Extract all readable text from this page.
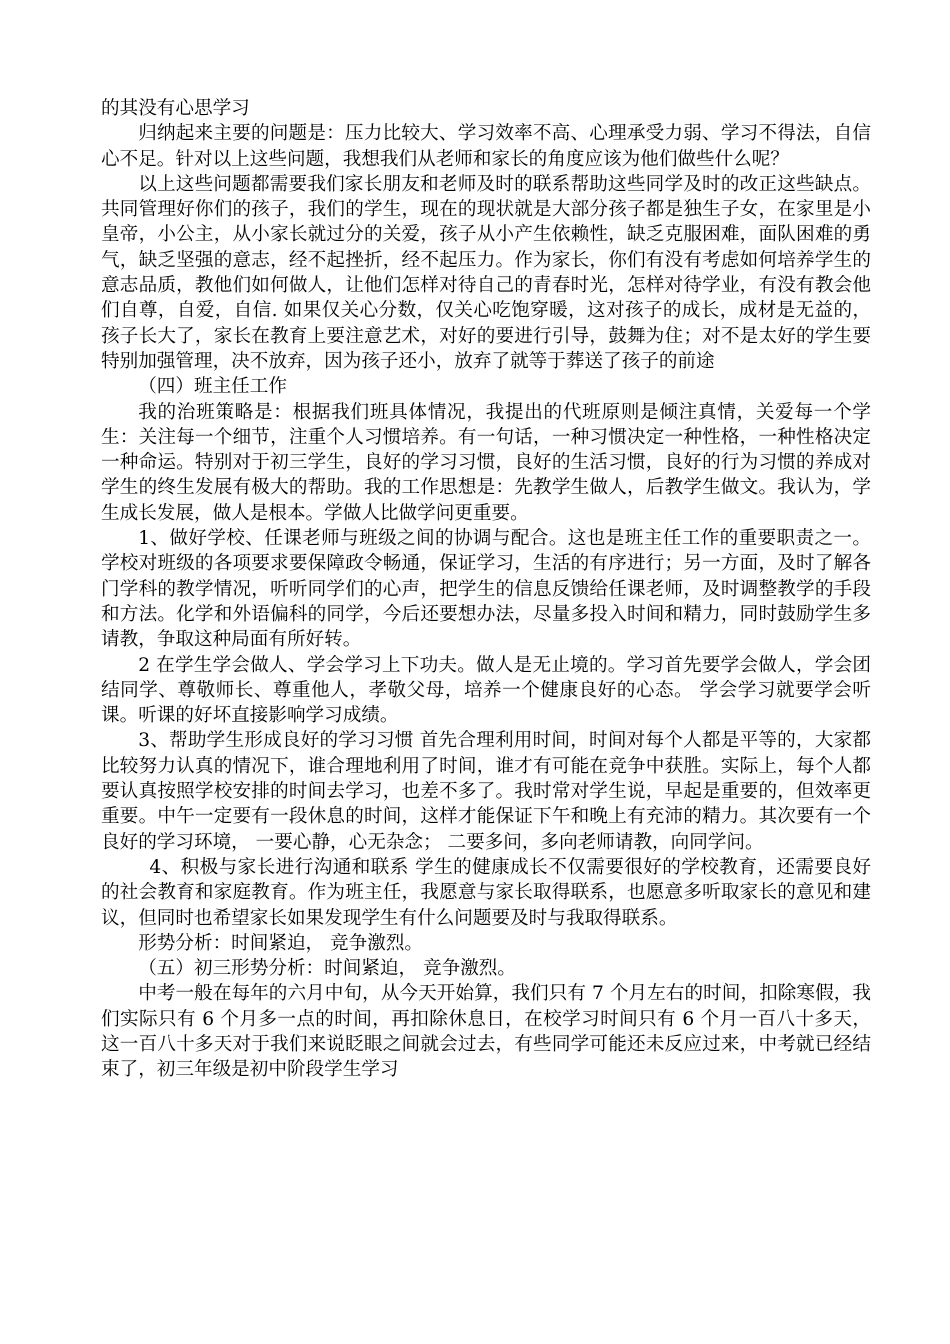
的其没有心思学习

归纳起来主要的问题是：压力比较大、学习效率不高、心理承受力弱、学习不得法，自信心不足。针对以上这些问题，我想我们从老师和家长的角度应该为他们做些什么呢？

以上这些问题都需要我们家长朋友和老师及时的联系帮助这些同学及时的改正这些缺点。共同管理好你们的孩子，我们的学生，现在的现状就是大部分孩子都是独生子女，在家里是小皇帝，小公主，从小家长就过分的关爱，孩子从小产生依赖性，缺乏克服困难，面队困难的勇气，缺乏坚强的意志，经不起挫折，经不起压力。作为家长，你们有没有考虑如何培养学生的意志品质，教他们如何做人，让他们怎样对待自己的青春时光，怎样对待学业，有没有教会他们自尊，自爱，自信. 如果仅关心分数，仅关心吃饱穿暖，这对孩子的成长，成材是无益的，孩子长大了，家长在教育上要注意艺术，对好的要进行引导，鼓舞为住；对不是太好的学生要特别加强管理，决不放弃，因为孩子还小，放弃了就等于葬送了孩子的前途

（四）班主任工作

我的治班策略是：根据我们班具体情况，我提出的代班原则是倾注真情，关爱每一个学生：关注每一个细节，注重个人习惯培养。有一句话，一种习惯决定一种性格，一种性格决定一种命运。特别对于初三学生，良好的学习习惯，良好的生活习惯，良好的行为习惯的养成对学生的终生发展有极大的帮助。我的工作思想是：先教学生做人，后教学生做文。我认为，学生成长发展，做人是根本。学做人比做学问更重要。

1、做好学校、任课老师与班级之间的协调与配合。这也是班主任工作的重要职责之一。学校对班级的各项要求要保障政令畅通，保证学习，生活的有序进行；另一方面，及时了解各门学科的教学情况，听听同学们的心声，把学生的信息反馈给任课老师，及时调整教学的手段和方法。化学和外语偏科的同学，今后还要想办法，尽量多投入时间和精力，同时鼓励学生多请教，争取这种局面有所好转。

2 在学生学会做人、学会学习上下功夫。做人是无止境的。学习首先要学会做人，学会团结同学、尊敬师长、尊重他人，孝敬父母，培养一个健康良好的心态。 学会学习就要学会听课。听课的好坏直接影响学习成绩。

3、帮助学生形成良好的学习习惯 首先合理利用时间，时间对每个人都是平等的，大家都比较努力认真的情况下，谁合理地利用了时间，谁才有可能在竞争中获胜。实际上，每个人都要认真按照学校安排的时间去学习，也差不多了。我时常对学生说，早起是重要的，但效率更重要。中午一定要有一段休息的时间，这样才能保证下午和晚上有充沛的精力。其次要有一个良好的学习环境， 一要心静，心无杂念； 二要多问，多向老师请教，向同学问。

4、积极与家长进行沟通和联系 学生的健康成长不仅需要很好的学校教育，还需要良好的社会教育和家庭教育。作为班主任，我愿意与家长取得联系，也愿意多听取家长的意见和建议，但同时也希望家长如果发现学生有什么问题要及时与我取得联系。

形势分析：时间紧迫， 竞争激烈。

（五）初三形势分析：时间紧迫， 竞争激烈。

中考一般在每年的六月中旬，从今天开始算，我们只有 7 个月左右的时间，扣除寒假，我们实际只有 6 个月多一点的时间，再扣除休息日，在校学习时间只有 6 个月一百八十多天， 这一百八十多天对于我们来说眨眼之间就会过去，有些同学可能还未反应过来，中考就已经结束了，初三年级是初中阶段学生学习
